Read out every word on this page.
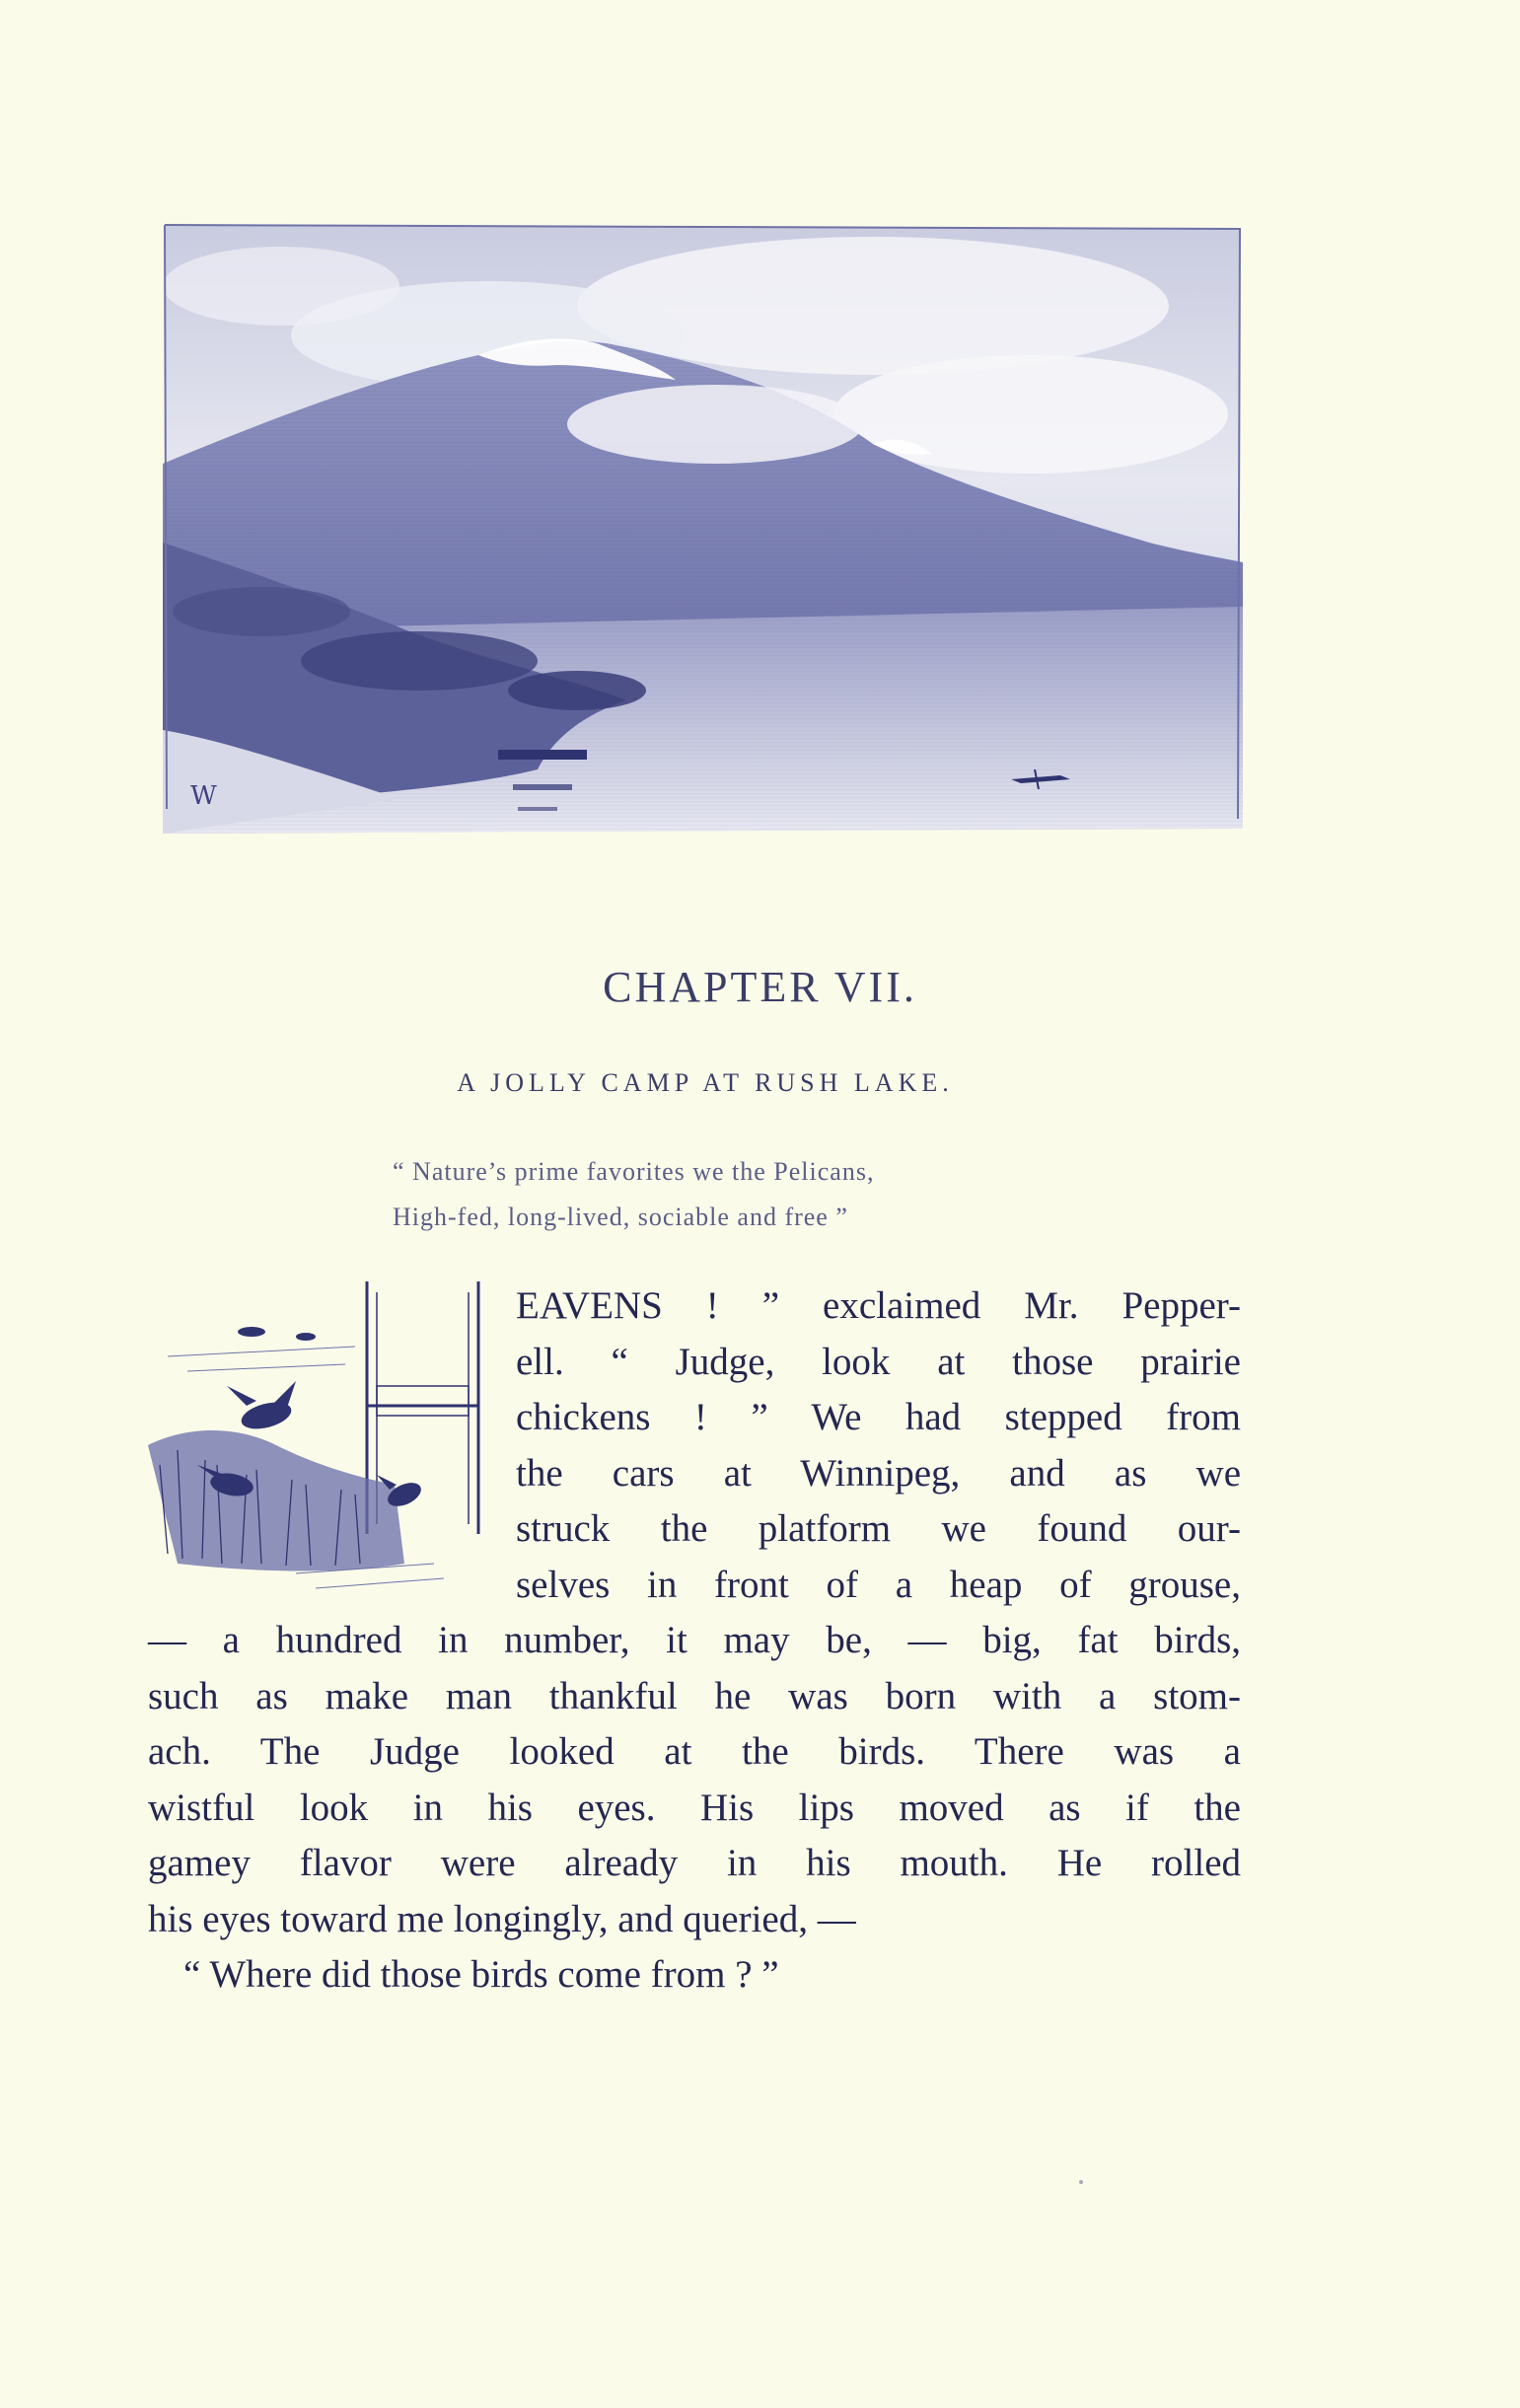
W
CHAPTER VII.
A JOLLY CAMP AT RUSH LAKE.
“ Nature’s prime favorites we the Pelicans,
High-fed, long-lived, sociable and free ”
EAVENS ! ” exclaimed Mr. Pepper-
ell. “ Judge, look at those prairie
chickens ! ” We had stepped from
the cars at Winnipeg, and as we
struck the platform we found our-
selves in front of a heap of grouse,
— a hundred in number, it may be, — big, fat birds,
such as make man thankful he was born with a stom-
ach. The Judge looked at the birds. There was a
wistful look in his eyes. His lips moved as if the
gamey flavor were already in his mouth. He rolled
his eyes toward me longingly, and queried, —
“ Where did those birds come from ? ”
